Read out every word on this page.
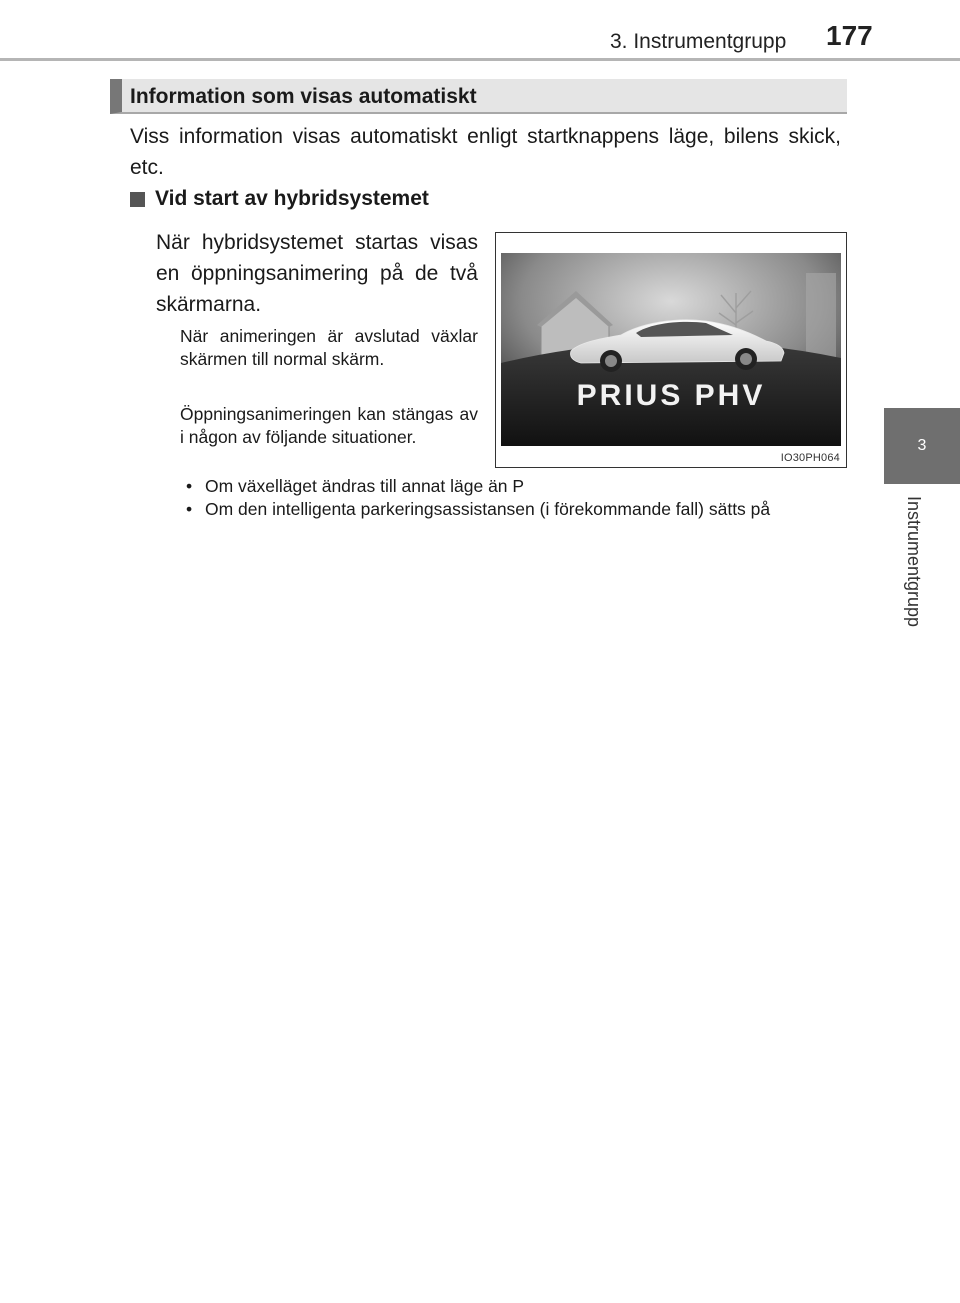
3. Instrumentgrupp 177
3
Instrumentgrupp
Information som visas automatiskt

Viss information visas automatiskt enligt startknappens läge, bilens skick, etc.

Vid start av hybridsystemet

När hybridsystemet startas visas en öppningsanimering på de två skärmarna.

När animeringen är avslutad växlar skärmen till normal skärm.

Öppningsanimeringen kan stängas av i någon av följande situationer.

• Om växelläget ändras till annat läge än P
• Om den intelligenta parkeringsassistansen (i förekommande fall) sätts på
PRIUS PHV
IO30PH064
